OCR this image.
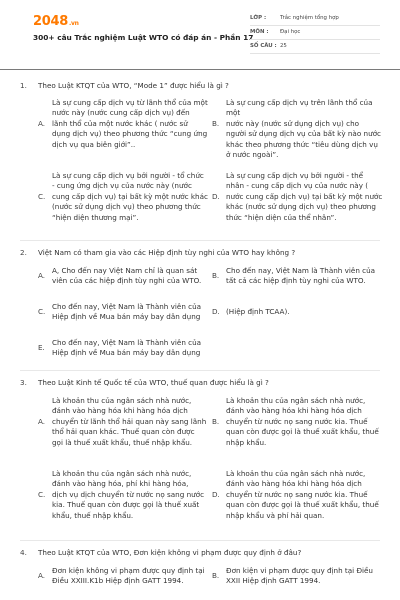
2048.vn
300+ câu Trắc nghiệm Luật WTO có đáp án - Phần 17
LỚP :	Trắc nghiệm tổng hợp
MÔN :	Đại học
SỐ CÂU : 25
1.	Theo Luật KTQT của WTO, “Mode 1” được hiểu là gì ?
A.
Là sự cung cấp dịch vụ từ lãnh thổ của một
nước này (nước cung cấp dịch vụ) đến
lãnh thổ của một nước khác ( nước sử
dụng dịch vụ) theo phương thức “cung ứng
dịch vụ qua biên giới”..
B.
Là sự cung cấp dịch vụ trên lãnh thổ của một
nước này (nước sử dụng dịch vụ) cho
người sử dụng dịch vụ của bất kỳ nào nước
khác theo phương thức “tiêu dùng dịch vụ
ở nước ngoài”.
C.
Là sự cung cấp dịch vụ bởi người - tổ chức
- cung ứng dịch vụ của nước này (nước
cung cấp dịch vụ) tại bất kỳ một nước khác
(nước sử dụng dịch vụ) theo phương thức
“hiện diện thương mại”.
D.
Là sự cung cấp dịch vụ bởi người - thể
nhân - cung cấp dịch vụ của nước này (
nước cung cấp dịch vụ) tại bất kỳ một nước
khác (nước sử dụng dịch vụ) theo phương
thức “hiện diện của thể nhân”.
2.	Việt Nam có tham gia vào các Hiệp định tùy nghi của WTO hay không ?
A.
A, Cho đến nay Việt Nam chỉ là quan sát
viên của các hiệp định tùy nghi của WTO.
B.
Cho đến nay, Việt Nam là Thành viên của
tất cả các hiệp định tùy nghi của WTO.
C.
Cho đến nay, Việt Nam là Thành viên của
Hiệp định về Mua bán máy bay dân dụng
D. (Hiệp định TCAA).
E.
Cho đến nay, Việt Nam là Thành viên của
Hiệp định về Mua bán máy bay dân dụng
3.	Theo Luật Kinh tế Quốc tế của WTO, thuế quan được hiểu là gì ?
A.
Là khoản thu của ngân sách nhà nước,
đánh vào hàng hóa khi hàng hóa dịch
chuyển từ lãnh thổ hải quan này sang lãnh
thổ hải quan khác. Thuế quan còn được
gọi là thuế xuất khẩu, thuế nhập khẩu.
B.
Là khoản thu của ngân sách nhà nước,
đánh vào hàng hóa khi hàng hóa dịch
chuyển từ nước nọ sang nước kia. Thuế
quan còn được gọi là thuế xuất khẩu, thuế
nhập khẩu.
C.
Là khoản thu của ngân sách nhà nước,
đánh vào hàng hóa, phí khi hàng hóa,
dịch vụ dịch chuyển từ nước nọ sang nước
kia. Thuế quan còn được gọi là thuế xuất
khẩu, thuế nhập khẩu.
D.
Là khoản thu của ngân sách nhà nước,
đánh vào hàng hóa khi hàng hóa dịch
chuyển từ nước nọ sang nước kia. Thuế
quan còn được gọi là thuế xuất khẩu, thuế
nhập khẩu và phí hải quan.
4.	Theo Luật KTQT của WTO, Đơn kiện không vi phạm được quy định ở đâu?
A.
Đơn kiện không vi phạm được quy định tại
Điều XXIII.K1b Hiệp định GATT 1994.
B.
Đơn kiện vi phạm được quy định tại Điều
XXII Hiệp định GATT 1994.
